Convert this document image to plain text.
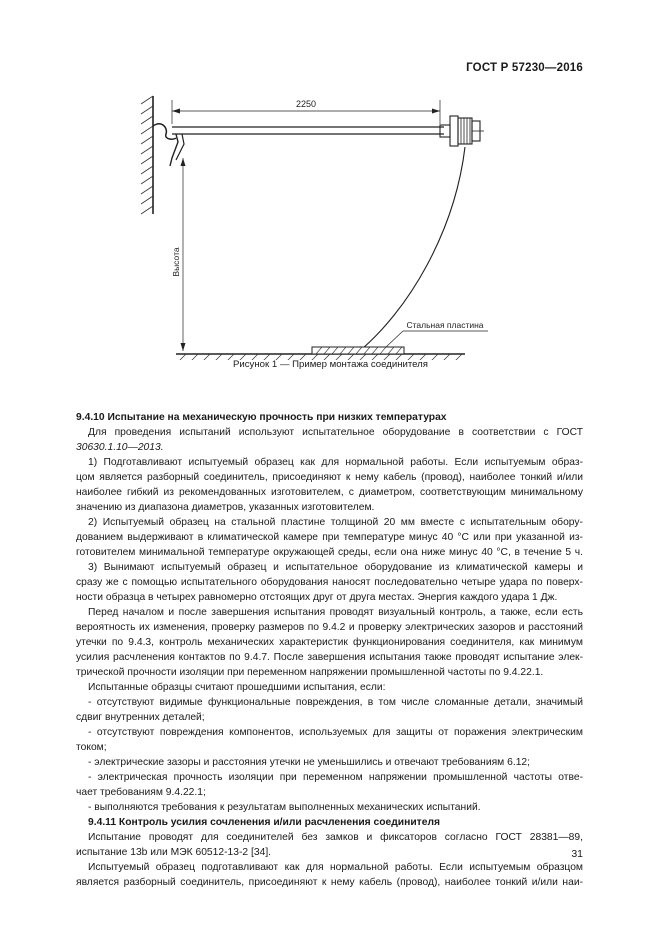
ГОСТ Р 57230—2016
2250
Высота
Стальная пластина
Рисунок 1 — Пример монтажа соединителя
9.4.10 Испытание на механическую прочность при низких температурах
Для проведения испытаний используют испытательное оборудование в соответствии с ГОСТ
30630.1.10—2013.
1) Подготавливают испытуемый образец как для нормальной работы. Если испытуемым образ-
цом является разборный соединитель, присоединяют к нему кабель (провод), наиболее тонкий и/или
наиболее гибкий из рекомендованных изготовителем, с диаметром, соответствующим минимальному
значению из диапазона диаметров, указанных изготовителем.
2) Испытуемый образец на стальной пластине толщиной 20 мм вместе с испытательным обору-
дованием выдерживают в климатической камере при температуре минус 40 °С или при указанной из-
готовителем минимальной температуре окружающей среды, если она ниже минус 40 °С, в течение 5 ч.
3) Вынимают испытуемый образец и испытательное оборудование из климатической камеры и
сразу же с помощью испытательного оборудования наносят последовательно четыре удара по поверх-
ности образца в четырех равномерно отстоящих друг от друга местах. Энергия каждого удара 1 Дж.
Перед началом и после завершения испытания проводят визуальный контроль, а также, если есть
вероятность их изменения, проверку размеров по 9.4.2 и проверку электрических зазоров и расстояний
утечки по 9.4.3, контроль механических характеристик функционирования соединителя, как минимум
усилия расчленения контактов по 9.4.7. После завершения испытания также проводят испытание элек-
трической прочности изоляции при переменном напряжении промышленной частоты по 9.4.22.1.
Испытанные образцы считают прошедшими испытания, если:
- отсутствуют видимые функциональные повреждения, в том числе сломанные детали, значимый
сдвиг внутренних деталей;
- отсутствуют повреждения компонентов, используемых для защиты от поражения электрическим
током;
- электрические зазоры и расстояния утечки не уменьшились и отвечают требованиям 6.12;
- электрическая прочность изоляции при переменном напряжении промышленной частоты отве-
чает требованиям 9.4.22.1;
- выполняются требования к результатам выполненных механических испытаний.
9.4.11 Контроль усилия сочленения и/или расчленения соединителя
Испытание проводят для соединителей без замков и фиксаторов согласно ГОСТ 28381—89,
испытание 13b или МЭК 60512-13-2 [34].
Испытуемый образец подготавливают как для нормальной работы. Если испытуемым образцом
является разборный соединитель, присоединяют к нему кабель (провод), наиболее тонкий и/или наи-
31
